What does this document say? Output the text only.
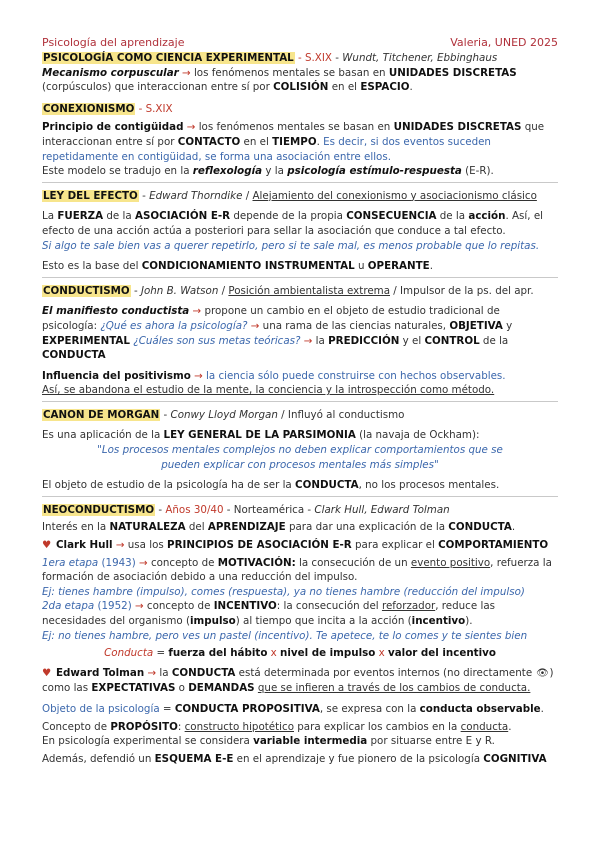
Psicología del aprendizaje	Valeria, UNED 2025

PSICOLOGÍA COMO CIENCIA EXPERIMENTAL - S.XIX - Wundt, Titchener, Ebbinghaus

Mecanismo corpuscular → los fenómenos mentales se basan en UNIDADES DISCRETAS (corpúsculos) que interaccionan entre sí por COLISIÓN en el ESPACIO.

CONEXIONISMO - S.XIX

Principio de contigüidad → los fenómenos mentales se basan en UNIDADES DISCRETAS que interaccionan entre sí por CONTACTO en el TIEMPO. Es decir, si dos eventos suceden repetidamente en contigüidad, se forma una asociación entre ellos.

Este modelo se tradujo en la reflexología y la psicología estímulo-respuesta (E-R).

LEY DEL EFECTO - Edward Thorndike / Alejamiento del conexionismo y asociacionismo clásico

La FUERZA de la ASOCIACIÓN E-R depende de la propia CONSECUENCIA de la acción. Así, el efecto de una acción actúa a posteriori para sellar la asociación que conduce a tal efecto.

Si algo te sale bien vas a querer repetirlo, pero si te sale mal, es menos probable que lo repitas.

Esto es la base del CONDICIONAMIENTO INSTRUMENTAL u OPERANTE.

CONDUCTISMO - John B. Watson / Posición ambientalista extrema / Impulsor de la ps. del apr.

El manifiesto conductista → propone un cambio en el objeto de estudio tradicional de psicología: ¿Qué es ahora la psicología? → una rama de las ciencias naturales, OBJETIVA y EXPERIMENTAL ¿Cuáles son sus metas teóricas? → la PREDICCIÓN y el CONTROL de la CONDUCTA

Influencia del positivismo → la ciencia sólo puede construirse con hechos observables.

Así, se abandona el estudio de la mente, la conciencia y la introspección como método.

CANON DE MORGAN - Conwy Lloyd Morgan / Influyó al conductismo

Es una aplicación de la LEY GENERAL DE LA PARSIMONIA (la navaja de Ockham):

"Los procesos mentales complejos no deben explicar comportamientos que se pueden explicar con procesos mentales más simples"

El objeto de estudio de la psicología ha de ser la CONDUCTA, no los procesos mentales.

NEOCONDUCTISMO - Años 30/40 - Norteamérica - Clark Hull, Edward Tolman

Interés en la NATURALEZA del APRENDIZAJE para dar una explicación de la CONDUCTA.

♥ Clark Hull → usa los PRINCIPIOS DE ASOCIACIÓN E-R para explicar el COMPORTAMIENTO

1era etapa (1943) → concepto de MOTIVACIÓN: la consecución de un evento positivo, refuerza la formación de asociación debido a una reducción del impulso.

Ej: tienes hambre (impulso), comes (respuesta), ya no tienes hambre (reducción del impulso)

2da etapa (1952) → concepto de INCENTIVO: la consecución del reforzador, reduce las necesidades del organismo (impulso) al tiempo que incita a la acción (incentivo).

Ej: no tienes hambre, pero ves un pastel (incentivo). Te apetece, te lo comes y te sientes bien

Conducta = fuerza del hábito x nivel de impulso x valor del incentivo

♥ Edward Tolman → la CONDUCTA está determinada por eventos internos (no directamente 👁) como las EXPECTATIVAS o DEMANDAS que se infieren a través de los cambios de conducta.

Objeto de la psicología = CONDUCTA PROPOSITIVA, se expresa con la conducta observable.

Concepto de PROPÓSITO: constructo hipotético para explicar los cambios en la conducta.

En psicología experimental se considera variable intermedia por situarse entre E y R.

Además, defendió un ESQUEMA E-E en el aprendizaje y fue pionero de la psicología COGNITIVA
